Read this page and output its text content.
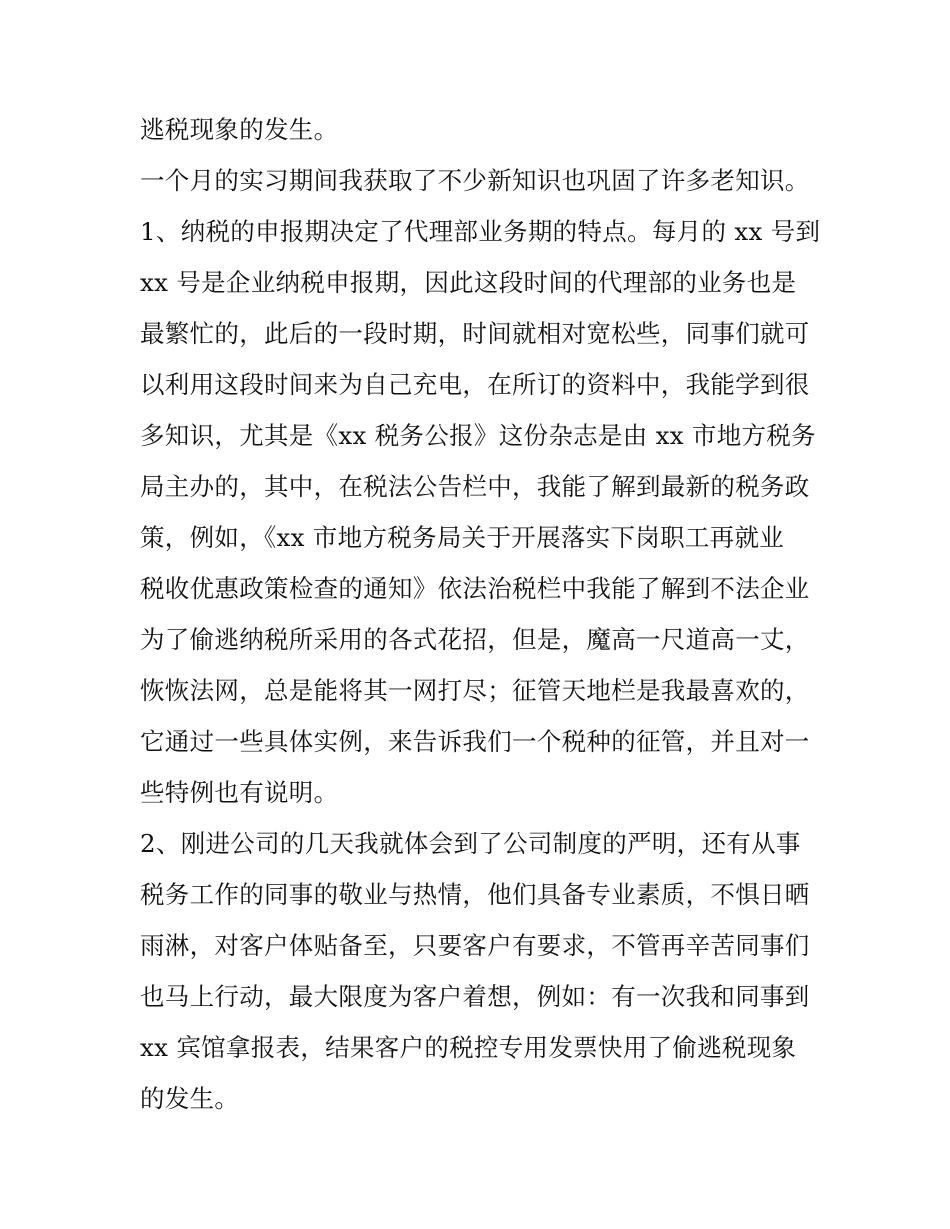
逃税现象的发生。
一个月的实习期间我获取了不少新知识也巩固了许多老知识。
1、纳税的申报期决定了代理部业务期的特点。每月的 xx 号到
xx 号是企业纳税申报期，因此这段时间的代理部的业务也是
最繁忙的，此后的一段时期，时间就相对宽松些，同事们就可
以利用这段时间来为自己充电，在所订的资料中，我能学到很
多知识，尤其是《xx 税务公报》这份杂志是由 xx 市地方税务
局主办的，其中，在税法公告栏中，我能了解到最新的税务政
策，例如，《xx 市地方税务局关于开展落实下岗职工再就业
税收优惠政策检查的通知》依法治税栏中我能了解到不法企业
为了偷逃纳税所采用的各式花招，但是，魔高一尺道高一丈，
恢恢法网，总是能将其一网打尽；征管天地栏是我最喜欢的，
它通过一些具体实例，来告诉我们一个税种的征管，并且对一
些特例也有说明。
2、刚进公司的几天我就体会到了公司制度的严明，还有从事
税务工作的同事的敬业与热情，他们具备专业素质，不惧日晒
雨淋，对客户体贴备至，只要客户有要求，不管再辛苦同事们
也马上行动，最大限度为客户着想，例如：有一次我和同事到
xx 宾馆拿报表，结果客户的税控专用发票快用了偷逃税现象
的发生。
